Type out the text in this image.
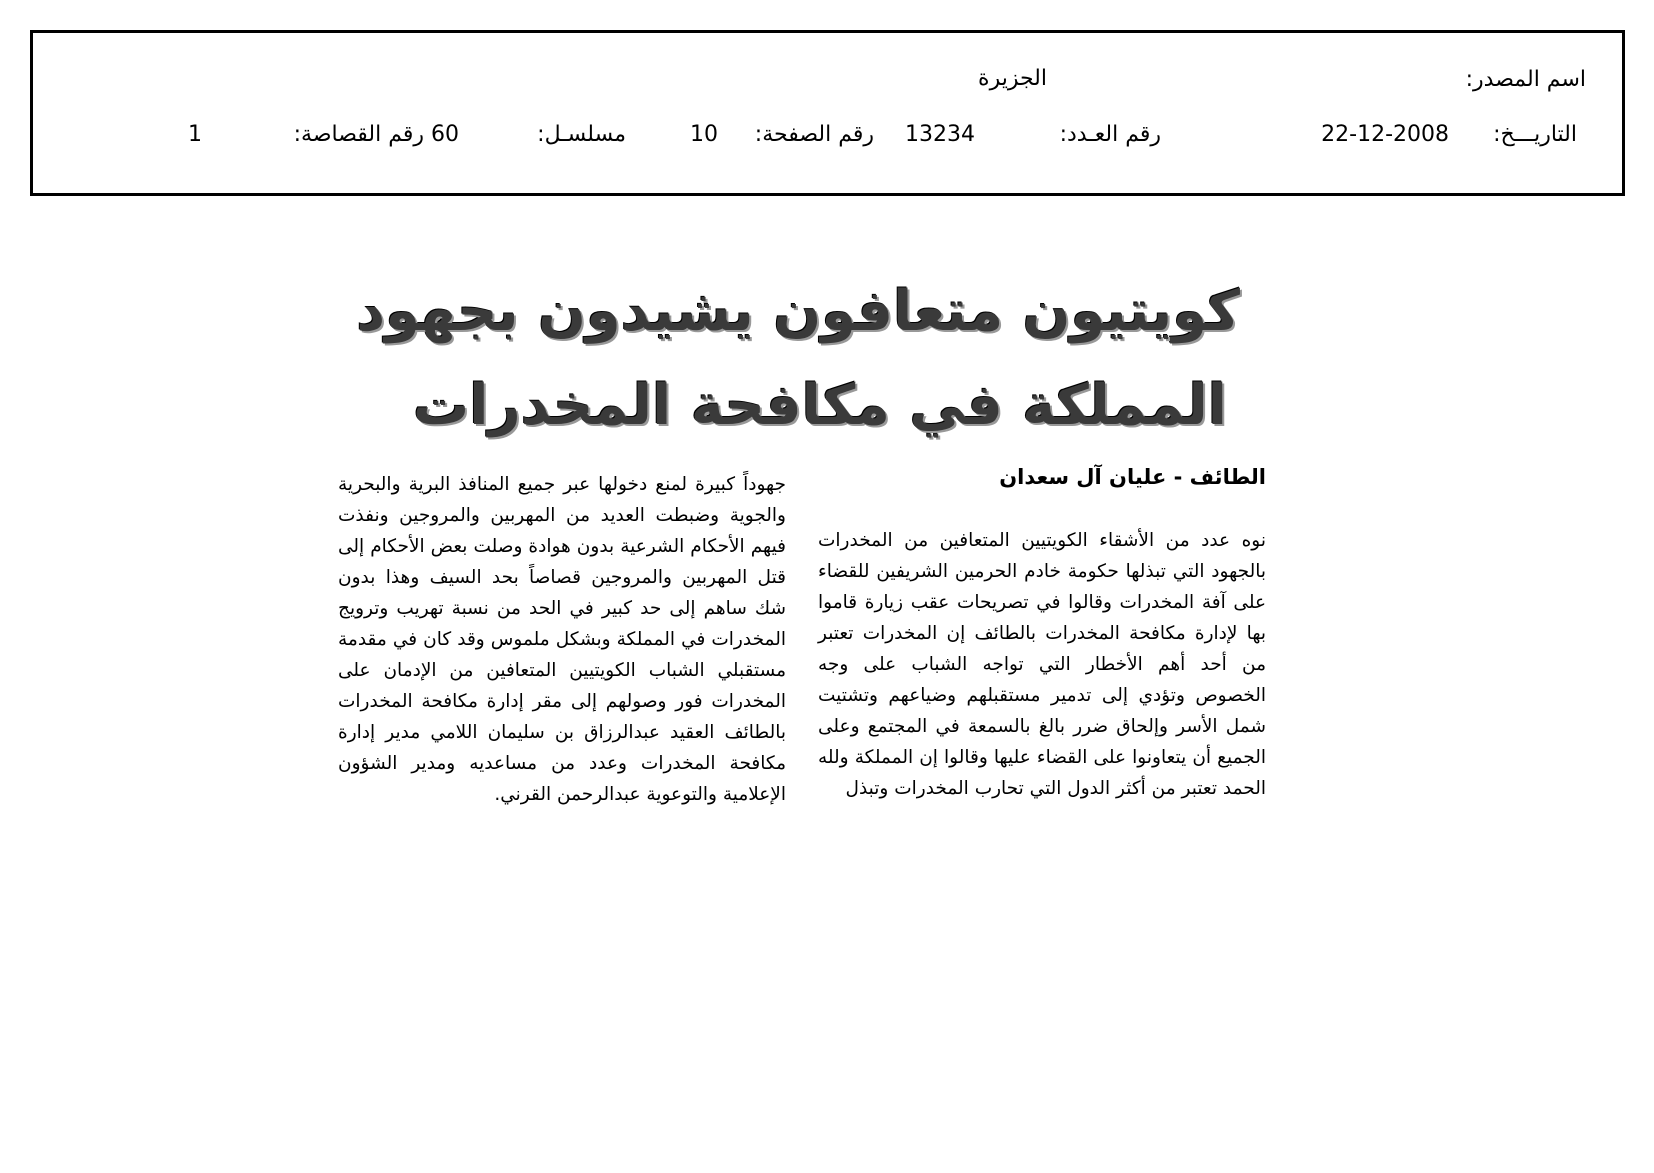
اسم المصدر:
الجزيرة
التاريـــخ:
22-12-2008
رقم العـدد:
13234
رقم الصفحة:
10
مسلسـل:
60
رقم القصاصة:
1
كويتيون متعافون يشيدون بجهود
المملكة في مكافحة المخدرات
الطائف - عليان آل سعدان
نوه عدد من الأشقاء الكويتيين المتعافين من المخدرات بالجهود التي تبذلها حكومة خادم الحرمين الشريفين للقضاء على آفة المخدرات وقالوا في تصريحات عقب زيارة قاموا بها لإدارة مكافحة المخدرات بالطائف إن المخدرات تعتبر من أحد أهم الأخطار التي تواجه الشباب على وجه الخصوص وتؤدي إلى تدمير مستقبلهم وضياعهم وتشتيت شمل الأسر وإلحاق ضرر بالغ بالسمعة في المجتمع وعلى الجميع أن يتعاونوا على القضاء عليها وقالوا إن المملكة ولله الحمد تعتبر من أكثر الدول التي تحارب المخدرات وتبذل
جهوداً كبيرة لمنع دخولها عبر جميع المنافذ البرية والبحرية والجوية وضبطت العديد من المهربين والمروجين ونفذت فيهم الأحكام الشرعية بدون هوادة وصلت بعض الأحكام إلى قتل المهربين والمروجين قصاصاً بحد السيف وهذا بدون شك ساهم إلى حد كبير في الحد من نسبة تهريب وترويج المخدرات في المملكة وبشكل ملموس وقد كان في مقدمة مستقبلي الشباب الكويتيين المتعافين من الإدمان على المخدرات فور وصولهم إلى مقر إدارة مكافحة المخدرات بالطائف العقيد عبدالرزاق بن سليمان اللامي مدير إدارة مكافحة المخدرات وعدد من مساعديه ومدير الشؤون الإعلامية والتوعوية عبدالرحمن القرني.
